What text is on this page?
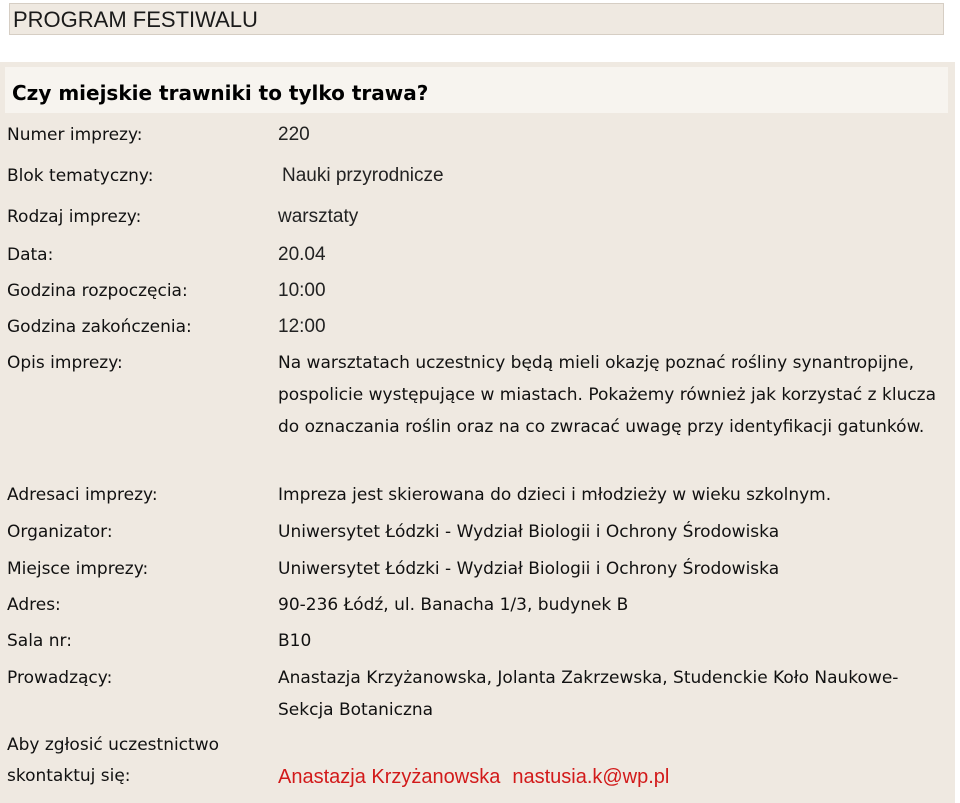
PROGRAM FESTIWALU
Czy miejskie trawniki to tylko trawa?
Numer imprezy:	220
Blok tematyczny:	Nauki przyrodnicze
Rodzaj imprezy:	warsztaty
Data:	20.04
Godzina rozpoczęcia:	10:00
Godzina zakończenia:	12:00
Opis imprezy:	Na warsztatach uczestnicy będą mieli okazję poznać rośliny synantropijne, pospolicie występujące w miastach. Pokażemy również jak korzystać z klucza do oznaczania roślin oraz na co zwracać uwagę przy identyfikacji gatunków.
Adresaci imprezy:	Impreza jest skierowana do dzieci i młodzieży w wieku szkolnym.
Organizator:	Uniwersytet Łódzki - Wydział Biologii i Ochrony Środowiska
Miejsce imprezy:	Uniwersytet Łódzki - Wydział Biologii i Ochrony Środowiska
Adres:	90-236 Łódź, ul. Banacha 1/3, budynek B
Sala nr:	B10
Prowadzący:	Anastazja Krzyżanowska, Jolanta Zakrzewska, Studenckie Koło Naukowe- Sekcja Botaniczna
Aby zgłosić uczestnictwo skontaktuj się:	Anastazja Krzyżanowska nastusia.k@wp.pl
